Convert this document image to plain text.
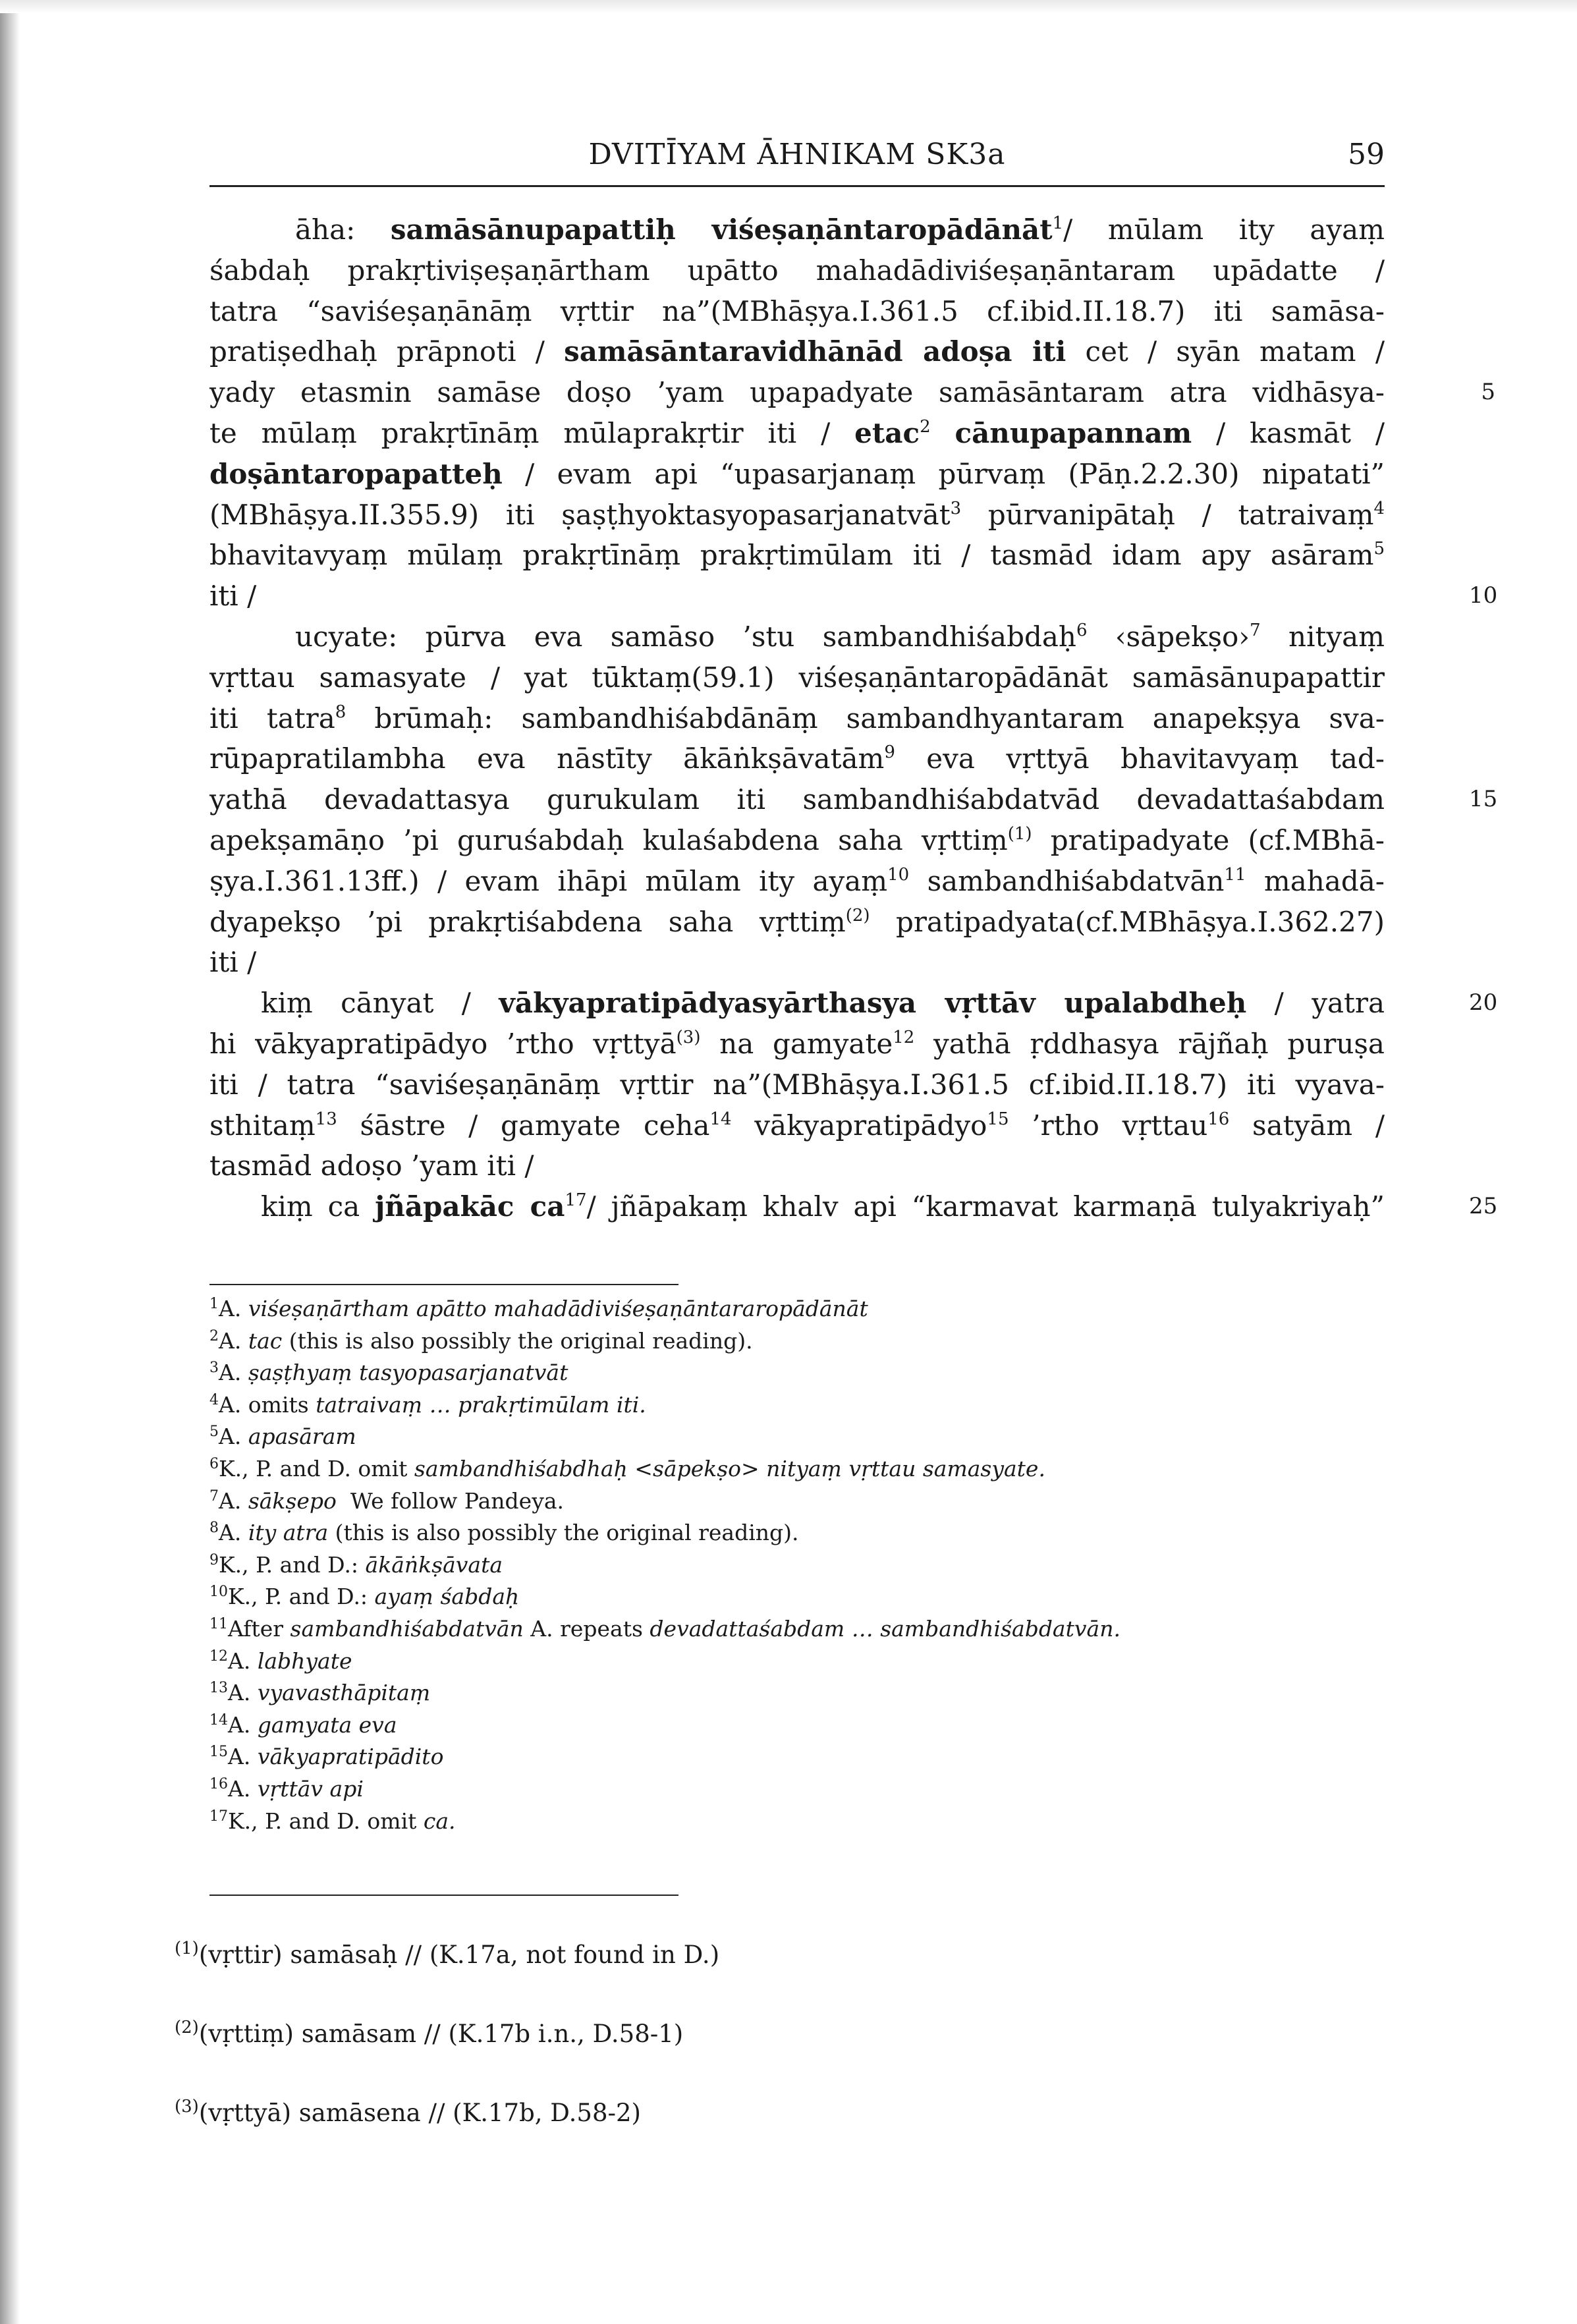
DVITĪYAM ĀHNIKAM SK3a	59
āha: samāsānupapattiḥ viśeṣaṇāntaropādānāt$^1$/ mūlam ity ayaṃ
śabdaḥ prakṛtiviṣeṣaṇārtham upātto mahadādiviśeṣaṇāntaram upādatte /
tatra “saviśeṣaṇānāṃ vṛttir na”(MBhāṣya.I.361.5 cf.ibid.II.18.7) iti samāsa-
pratiṣedhaḥ prāpnoti / samāsāntaravidhānād adoṣa iti cet / syān matam /
yady etasmin samāse doṣo ’yam upapadyate samāsāntaram atra vidhāsya-
te mūlaṃ prakṛtīnāṃ mūlaprakṛtir iti / etac$^2$ cānupapannam / kasmāt /
doṣāntaropapatteḥ / evam api “upasarjanaṃ pūrvaṃ (Pāṇ.2.2.30) nipatati”
(MBhāṣya.II.355.9) iti ṣaṣṭhyoktasyopasarjanatvāt$^3$ pūrvanipātaḥ / tatraivaṃ$^4$
bhavitavyaṃ mūlaṃ prakṛtīnāṃ prakṛtimūlam iti / tasmād idam apy asāram$^5$
iti /
ucyate: pūrva eva samāso ’stu sambandhiśabdaḥ$^6$ ‹sāpekṣo›$^7$ nityaṃ
vṛttau samasyate / yat tūktaṃ(59.1) viśeṣaṇāntaropādānāt samāsānupapattir
iti tatra$^8$ brūmaḥ: sambandhiśabdānāṃ sambandhyantaram anapekṣya sva-
rūpapratilambha eva nāstīty ākāṅkṣāvatām$^9$ eva vṛttyā bhavitavyaṃ tad-
yathā devadattasya gurukulam iti sambandhiśabdatvād devadattaśabdam
apekṣamāṇo ’pi guruśabdaḥ kulaśabdena saha vṛttiṃ$^{(1)}$ pratipadyate (cf.MBhā-
ṣya.I.361.13ff.) / evam ihāpi mūlam ity ayaṃ$^{10}$ sambandhiśabdatvān$^{11}$ mahadā-
dyapekṣo ’pi prakṛtiśabdena saha vṛttiṃ$^{(2)}$ pratipadyata(cf.MBhāṣya.I.362.27)
iti /
kiṃ cānyat / vākyapratipādyasyārthasya vṛttāv upalabdheḥ / yatra
hi vākyapratipādyo ’rtho vṛttyā$^{(3)}$ na gamyate$^{12}$ yathā ṛddhasya rājñaḥ puruṣa
iti / tatra “saviśeṣaṇānāṃ vṛttir na”(MBhāṣya.I.361.5 cf.ibid.II.18.7) iti vyava-
sthitaṃ$^{13}$ śāstre / gamyate ceha$^{14}$ vākyapratipādyo$^{15}$ ’rtho vṛttau$^{16}$ satyām /
tasmād adoṣo ’yam iti /
kiṃ ca jñāpakāc $ca^{17}/$ jñāpakaṃ khalv api “karmavat karmaṇā tulyakriyaḥ”
5
10
15
20
25
$^1$A. viśeṣaṇārtham apātto mahadādiviśeṣaṇāntararopādānāt
$^2$A. tac (this is also possibly the original reading).
$^3$A. ṣaṣṭhyaṃ tasyopasarjanatvāt
$^4$A. omits tatraivaṃ … prakṛtimūlam iti.
$^5$A. apasāram
$^6$K., P. and D. omit sambandhiśabdhaḥ <sāpekṣo> nityaṃ vṛttau samasyate.
$^7$A. sākṣepo  We follow Pandeya.
$^8$A. ity atra (this is also possibly the original reading).
$^9$K., P. and D.: ākāṅkṣāvata
$^{10}$K., P. and D.: ayaṃ śabdaḥ
$^{11}$After sambandhiśabdatvān A. repeats devadattaśabdam … sambandhiśabdatvān.
$^{12}$A. labhyate
$^{13}$A. vyavasthāpitaṃ
$^{14}$A. gamyata eva
$^{15}$A. vākyapratipādito
$^{16}$A. vṛttāv api
$^{17}$K., P. and D. omit ca.
$^{(1)}$(vṛttir) samāsaḥ // (K.17a, not found in D.)
$^{(2)}$(vṛttiṃ) samāsam // (K.17b i.n., D.58-1)
$^{(3)}$(vṛttyā) samāsena // (K.17b, D.58-2)
